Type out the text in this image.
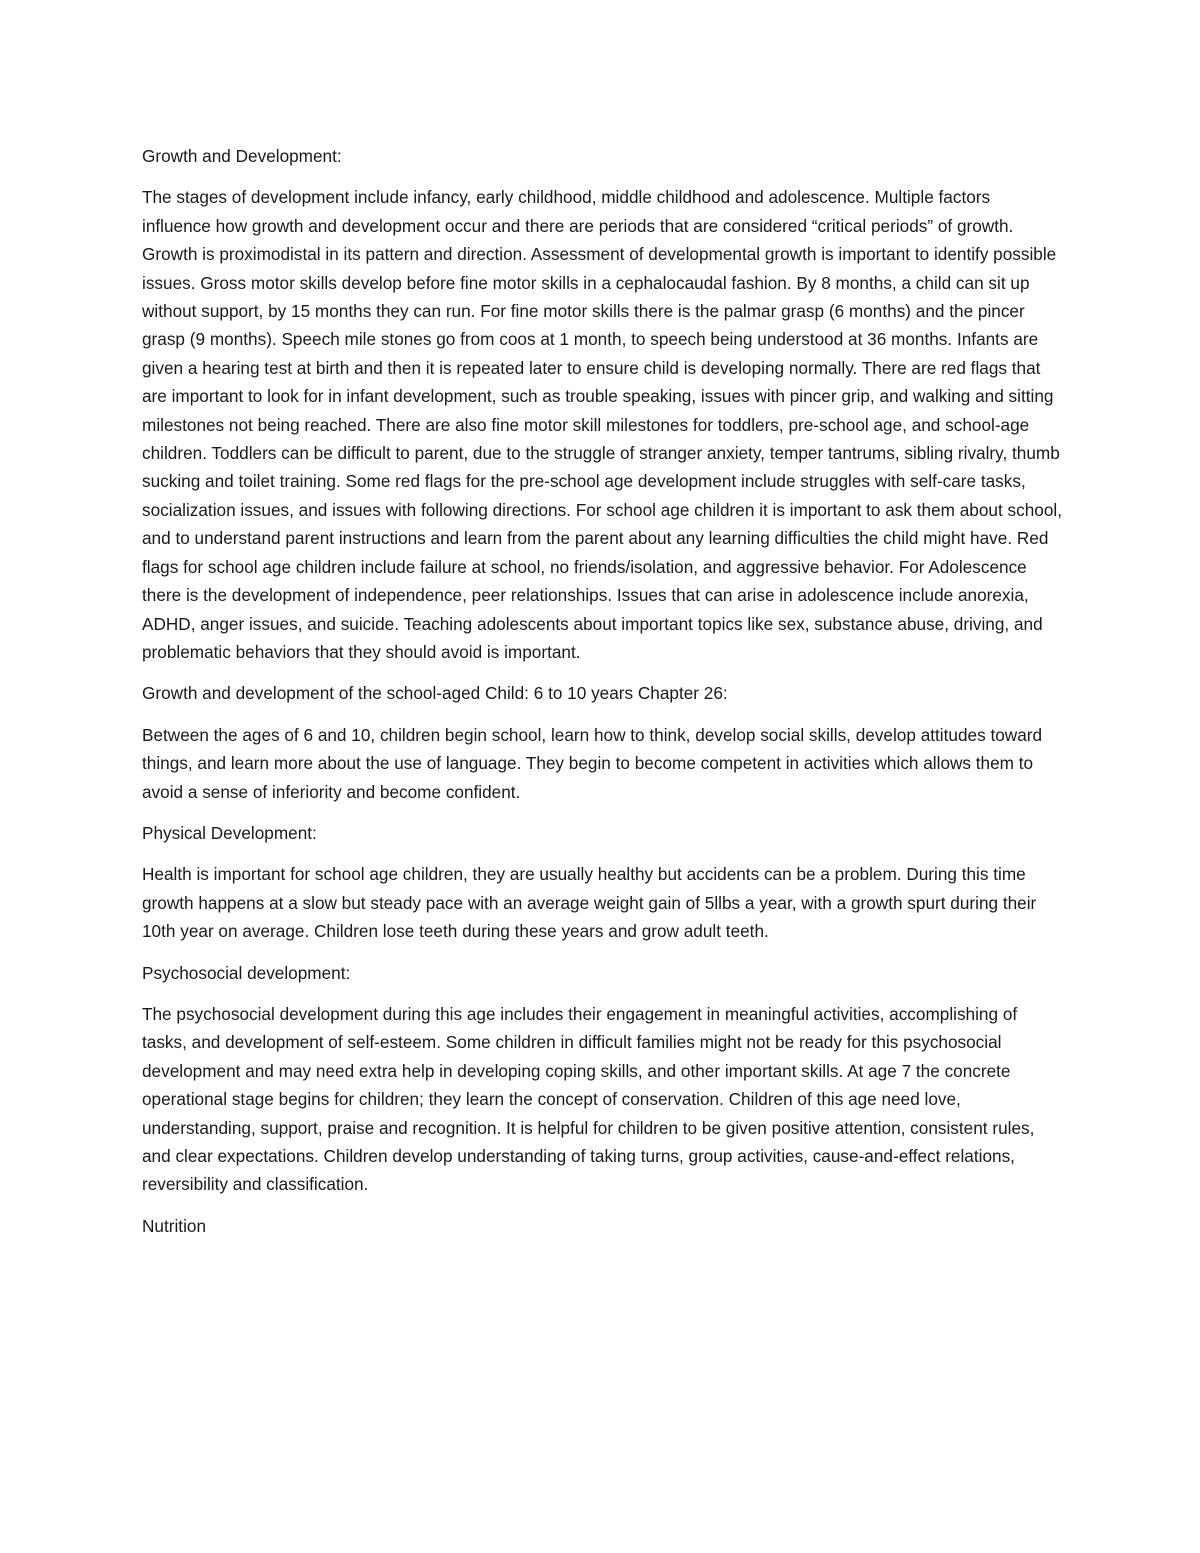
Growth and Development:

The stages of development include infancy, early childhood, middle childhood and adolescence. Multiple factors influence how growth and development occur and there are periods that are considered “critical periods” of growth. Growth is proximodistal in its pattern and direction. Assessment of developmental growth is important to identify possible issues. Gross motor skills develop before fine motor skills in a cephalocaudal fashion. By 8 months, a child can sit up without support, by 15 months they can run. For fine motor skills there is the palmar grasp (6 months) and the pincer grasp (9 months). Speech mile stones go from coos at 1 month, to speech being understood at 36 months. Infants are given a hearing test at birth and then it is repeated later to ensure child is developing normally. There are red flags that are important to look for in infant development, such as trouble speaking, issues with pincer grip, and walking and sitting milestones not being reached. There are also fine motor skill milestones for toddlers, pre-school age, and school-age children. Toddlers can be difficult to parent, due to the struggle of stranger anxiety, temper tantrums, sibling rivalry, thumb sucking and toilet training. Some red flags for the pre-school age development include struggles with self-care tasks, socialization issues, and issues with following directions. For school age children it is important to ask them about school, and to understand parent instructions and learn from the parent about any learning difficulties the child might have. Red flags for school age children include failure at school, no friends/isolation, and aggressive behavior. For Adolescence there is the development of independence, peer relationships. Issues that can arise in adolescence include anorexia, ADHD, anger issues, and suicide. Teaching adolescents about important topics like sex, substance abuse, driving, and problematic behaviors that they should avoid is important.

Growth and development of the school-aged Child: 6 to 10 years Chapter 26:

Between the ages of 6 and 10, children begin school, learn how to think, develop social skills, develop attitudes toward things, and learn more about the use of language. They begin to become competent in activities which allows them to avoid a sense of inferiority and become confident.

Physical Development:

Health is important for school age children, they are usually healthy but accidents can be a problem. During this time growth happens at a slow but steady pace with an average weight gain of 5llbs a year, with a growth spurt during their 10th year on average. Children lose teeth during these years and grow adult teeth.

Psychosocial development:

The psychosocial development during this age includes their engagement in meaningful activities, accomplishing of tasks, and development of self-esteem. Some children in difficult families might not be ready for this psychosocial development and may need extra help in developing coping skills, and other important skills. At age 7 the concrete operational stage begins for children; they learn the concept of conservation. Children of this age need love, understanding, support, praise and recognition. It is helpful for children to be given positive attention, consistent rules, and clear expectations. Children develop understanding of taking turns, group activities, cause-and-effect relations, reversibility and classification.

Nutrition
